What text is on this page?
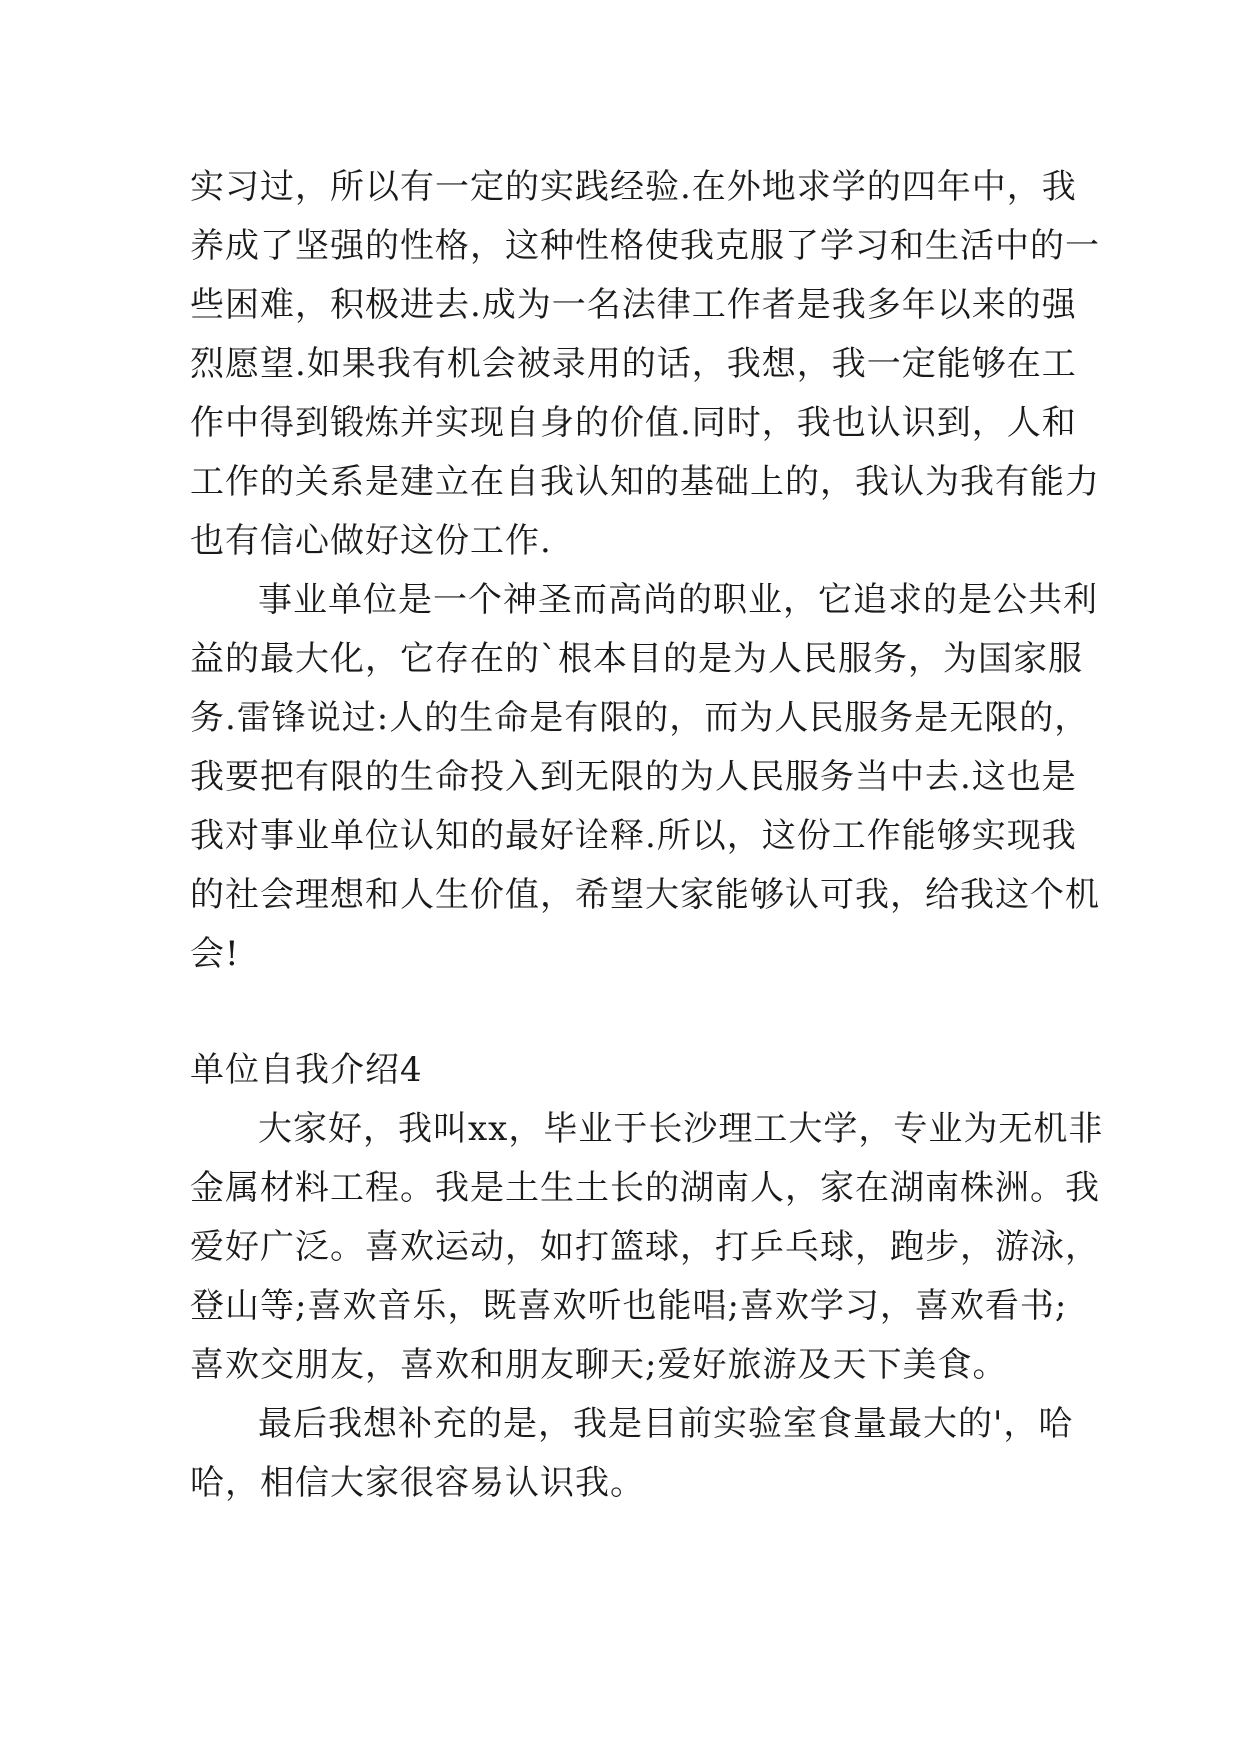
实习过，所以有一定的实践经验.在外地求学的四年中，我
养成了坚强的性格，这种性格使我克服了学习和生活中的一
些困难，积极进去.成为一名法律工作者是我多年以来的强
烈愿望.如果我有机会被录用的话，我想，我一定能够在工
作中得到锻炼并实现自身的价值.同时，我也认识到，人和
工作的关系是建立在自我认知的基础上的，我认为我有能力
也有信心做好这份工作.
事业单位是一个神圣而高尚的职业，它追求的是公共利
益的最大化，它存在的`根本目的是为人民服务，为国家服
务.雷锋说过:人的生命是有限的，而为人民服务是无限的，
我要把有限的生命投入到无限的为人民服务当中去.这也是
我对事业单位认知的最好诠释.所以，这份工作能够实现我
的社会理想和人生价值，希望大家能够认可我，给我这个机
会!
单位自我介绍4
大家好，我叫xx，毕业于长沙理工大学，专业为无机非
金属材料工程。我是土生土长的湖南人，家在湖南株洲。我
爱好广泛。喜欢运动，如打篮球，打乒乓球，跑步，游泳，
登山等;喜欢音乐，既喜欢听也能唱;喜欢学习，喜欢看书;
喜欢交朋友，喜欢和朋友聊天;爱好旅游及天下美食。
最后我想补充的是，我是目前实验室食量最大的'，哈
哈，相信大家很容易认识我。
